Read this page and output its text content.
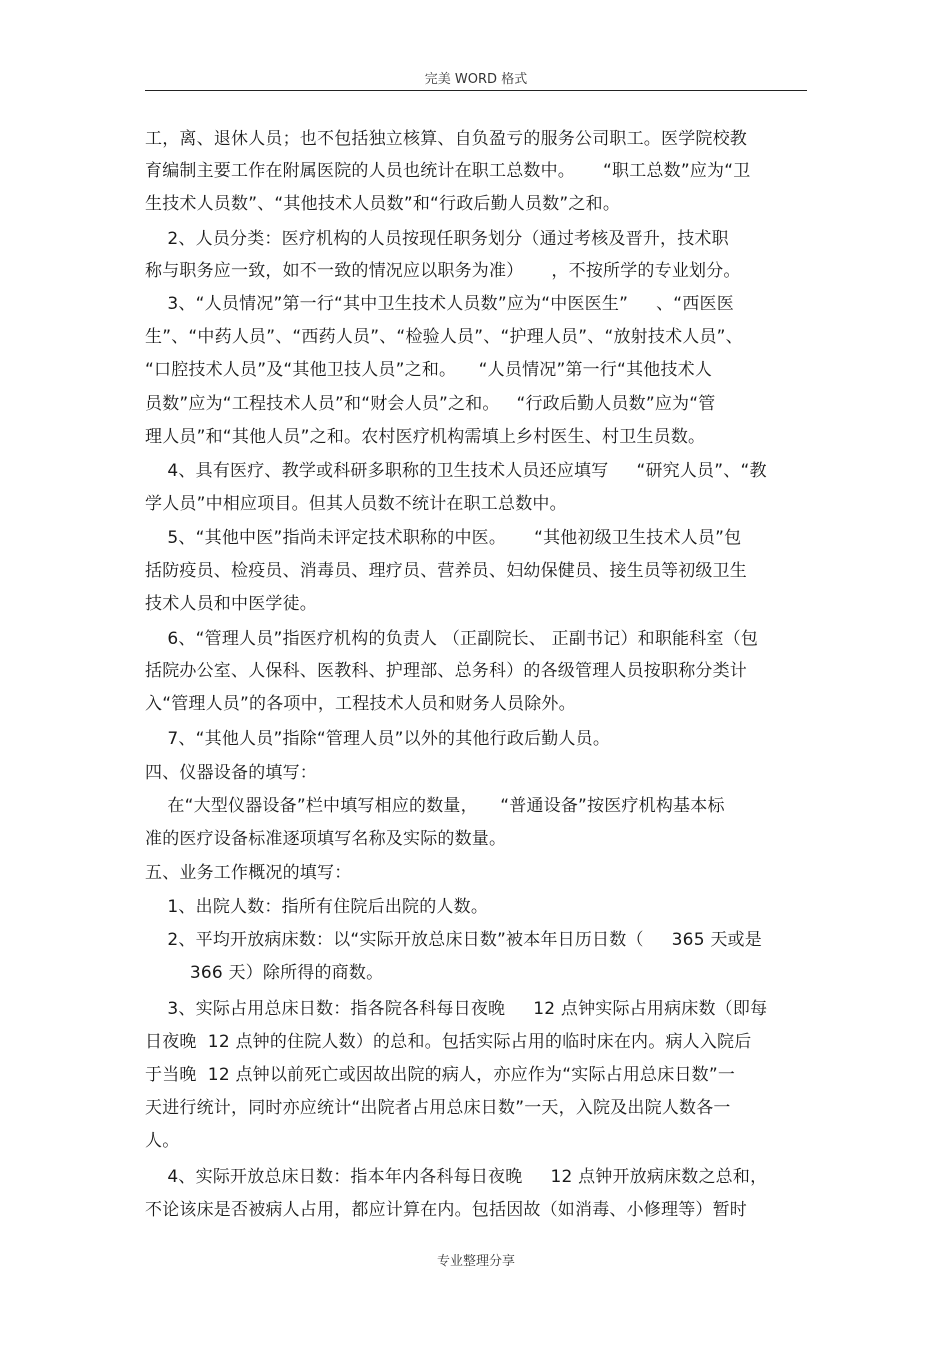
完美 WORD 格式
工，离、退休人员；也不包括独立核算、自负盈亏的服务公司职工。医学院校教
育编制主要工作在附属医院的人员也统计在职工总数中。     “职工总数”应为“卫
生技术人员数”、“其他技术人员数”和“行政后勤人员数”之和。
2、人员分类：医疗机构的人员按现任职务划分（通过考核及晋升，技术职
称与职务应一致，如不一致的情况应以职务为准）     ，不按所学的专业划分。
3、“人员情况”第一行“其中卫生技术人员数”应为“中医医生”     、“西医医
生”、“中药人员”、“西药人员”、“检验人员”、“护理人员”、“放射技术人员”、
“口腔技术人员”及“其他卫技人员”之和。    “人员情况”第一行“其他技术人
员数”应为“工程技术人员”和“财会人员”之和。   “行政后勤人员数”应为“管
理人员”和“其他人员”之和。农村医疗机构需填上乡村医生、村卫生员数。
4、具有医疗、教学或科研多职称的卫生技术人员还应填写     “研究人员”、“教
学人员”中相应项目。但其人员数不统计在职工总数中。
5、“其他中医”指尚未评定技术职称的中医。     “其他初级卫生技术人员”包
括防疫员、检疫员、消毒员、理疗员、营养员、妇幼保健员、接生员等初级卫生
技术人员和中医学徒。
6、“管理人员”指医疗机构的负责人 （正副院长、 正副书记）和职能科室（包
括院办公室、人保科、医教科、护理部、总务科）的各级管理人员按职称分类计
入“管理人员”的各项中，工程技术人员和财务人员除外。
7、“其他人员”指除“管理人员”以外的其他行政后勤人员。
四、仪器设备的填写：
在“大型仪器设备”栏中填写相应的数量，    “普通设备”按医疗机构基本标
准的医疗设备标准逐项填写名称及实际的数量。
五、业务工作概况的填写：
1、出院人数：指所有住院后出院的人数。
2、平均开放病床数：以“实际开放总床日数”被本年日历日数（     365 天或是
366 天）除所得的商数。
3、实际占用总床日数：指各院各科每日夜晚     12 点钟实际占用病床数（即每
日夜晚  12 点钟的住院人数）的总和。包括实际占用的临时床在内。病人入院后
于当晚  12 点钟以前死亡或因故出院的病人，亦应作为“实际占用总床日数”一
天进行统计，同时亦应统计“出院者占用总床日数”一天，入院及出院人数各一
人。
4、实际开放总床日数：指本年内各科每日夜晚     12 点钟开放病床数之总和，
不论该床是否被病人占用，都应计算在内。包括因故（如消毒、小修理等）暂时
专业整理分享
